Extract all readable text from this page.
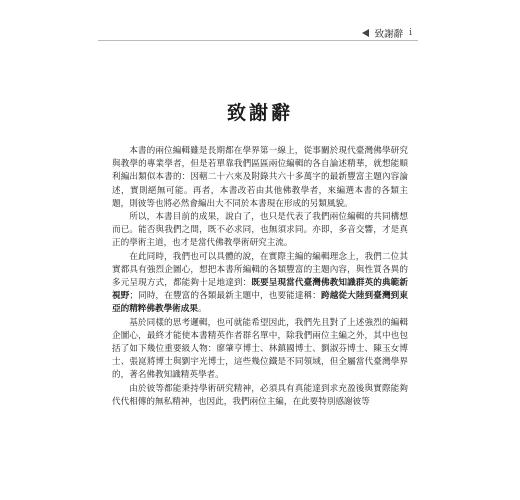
致謝辭 i
致謝辭

本書的兩位編輯雖是長期都在學界第一線上，從事關於現代臺灣佛學研究與教學的專業學者，但是若單靠我們區區兩位編輯的各自論述精華，就想能順利編出類似本書的：因轄二十六來及附錄共六十多萬字的最新豐富主題內容論述，實則絕無可能。再者，本書改若由其他佛教學者，來編選本書的各類主題，則彼等也將必然會編出大不同於本書現在形成的另類風貌。

所以，本書目前的成果，說白了，也只是代表了我們兩位編輯的共同構想而已。能否與我們之間，既不必求同，也無須求同。亦即，多音交響，才是真正的學術主道，也才是當代佛教學術研究主流。

在此同時，我們也可以具體的說，在實際主編的編輯理念上，我們二位其實都具有強烈企圖心，想把本書所編輯的各類豐富的主題內容，與性質各異的多元呈現方式，都能夠十足地達到：既要呈現當代臺灣佛教知識群英的典範新視野；同時，在豐富的各類最新主題中，也要能達稱：跨越從大陸到臺灣到東亞的精粹佛教學術成果。

基於同樣的思考邏輯，也可就能希望因此，我們先且對了上述強烈的編輯企圖心，最終才能使本書精英作者群名單中，除我們兩位主編之外，其中也包括了如下幾位重要級人物：廖肇亨博士、林鎮國博士、劉淑芬博士、陳玉女博士、張崑將博士與劉宇光博士，這些幾位鐵是不同領域，但全屬當代臺灣學界的，著名佛教知識精英學者。

由於彼等都能秉持學術研究精神，必須具有真能達到求充盈後與實際能夠代代相傳的無私精神，也因此，我們兩位主編，在此要特別感謝彼等
